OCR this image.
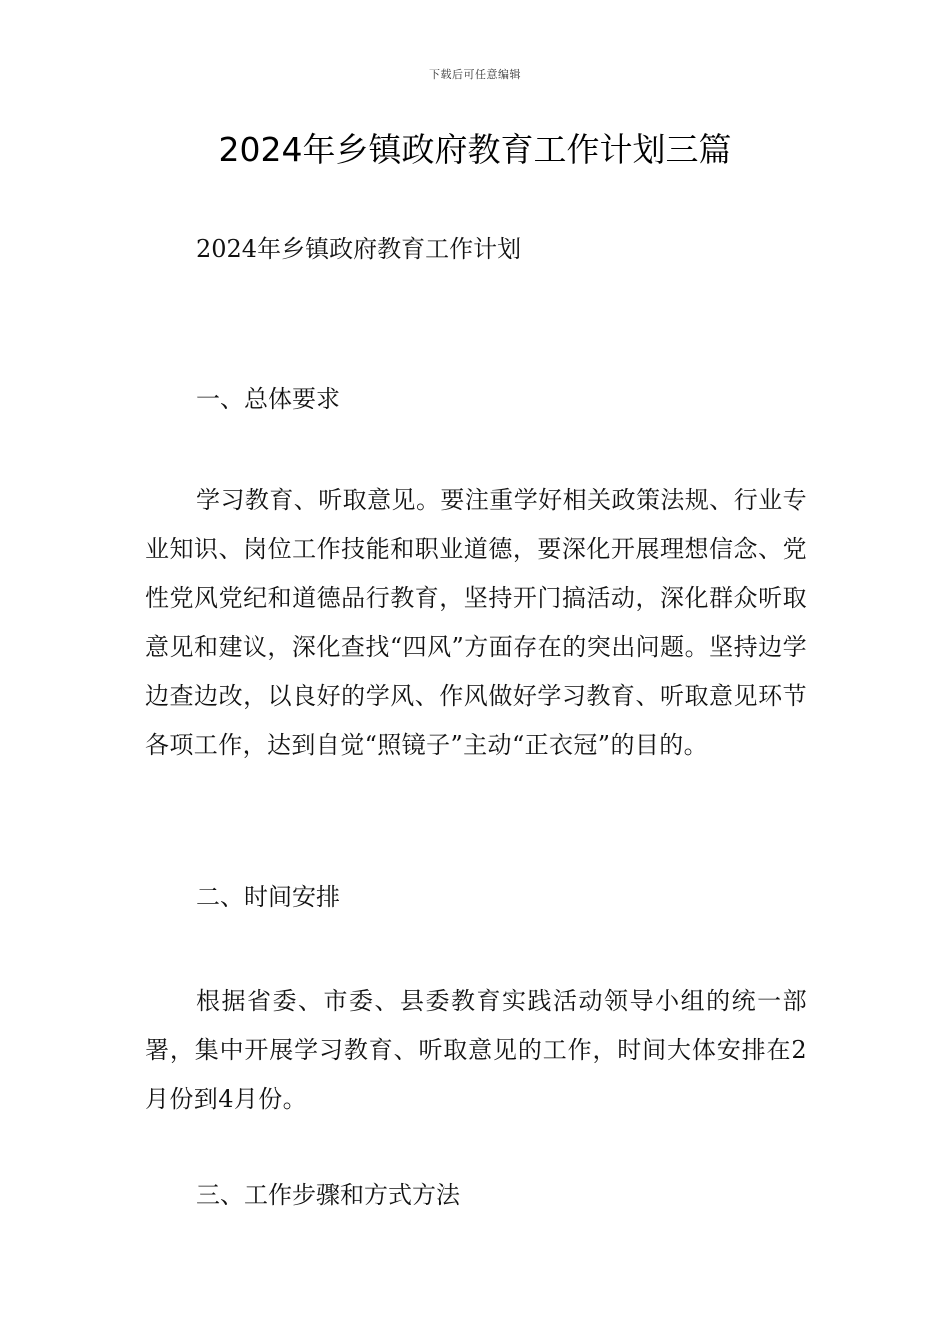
下载后可任意编辑
2024年乡镇政府教育工作计划三篇

2024年乡镇政府教育工作计划

一、总体要求

学习教育、听取意见。要注重学好相关政策法规、行业专业知识、岗位工作技能和职业道德，要深化开展理想信念、党性党风党纪和道德品行教育，坚持开门搞活动，深化群众听取意见和建议，深化查找“四风”方面存在的突出问题。坚持边学边查边改，以良好的学风、作风做好学习教育、听取意见环节各项工作，达到自觉“照镜子”主动“正衣冠”的目的。

二、时间安排

根据省委、市委、县委教育实践活动领导小组的统一部署，集中开展学习教育、听取意见的工作，时间大体安排在2月份到4月份。

三、工作步骤和方式方法
